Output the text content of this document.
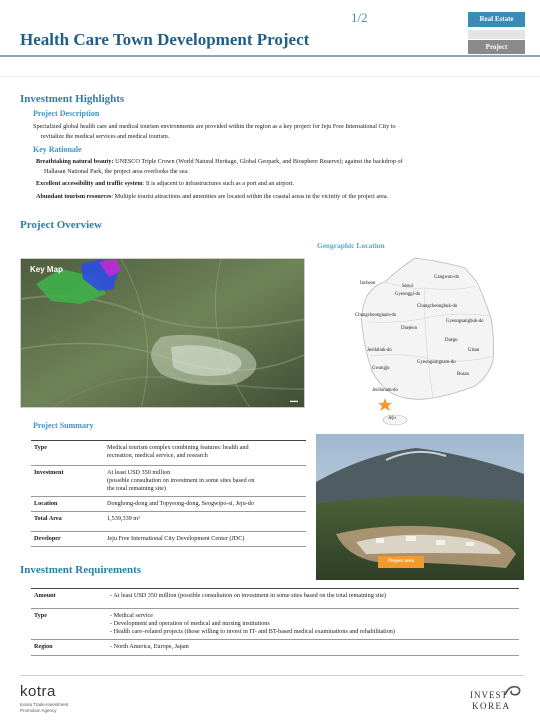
1/2	Real Estate
Project
Health Care Town Development Project
Investment Highlights
Project Description
Specialized global health care and medical tourism environments are provided within the region as a key project for Jeju Free International City to
revitalize the medical services and medical tourism.
Key Rationale
Breathtaking natural beauty: UNESCO Triple Crown (World Natural Heritage, Global Geopark, and Biosphere Reserve); against the backdrop of
Hallasan National Park, the project area overlooks the sea.
Excellent accessibility and traffic system: It is adjacent to infrastructures such as a port and an airport.
Abundant tourism resources: Multiple tourist attractions and amenities are located within the coastal areas in the vicinity of the project area.
Project Overview
Key Map
▬▬
Geographic Location
Gangwon-do
Incheon
Seoul
Gyeonggi-do
Chungcheongbuk-do
Chungcheongnam-do
Gyeongsangbuk-do
Daejeon
Daegu
Jeollabuk-do	Ulsan
Gyeongsangnam-do
Gwangju
Busan
Jeollanam-do
Jeju
Project Summary
Type	Medical tourism complex combining features: health and
recreation, medical service, and research

Investment	At least USD 350 million
(possible consultation on investment in some sites based on
the total remaining site)

Location	Donghong-dong and Topyeong-dong, Seogwipo-si, Jeju-do
Total Area	1,539,339 m²
Developer	Jeju Free International City Development Center (JDC)
Project area
Investment Requirements
Amount	- At least USD 350 million (possible consultation on investment in some sites based on the total remaining site)
Type	- Medical service
- Development and operation of medical and nursing institutions
- Health care–related projects (those willing to invest in IT- and BT-based medical examinations and rehabilitation)

Region	- North America, Europe, Japan
kotra
Korea Trade-Investment
Promotion Agency
INVEST
KOREA
